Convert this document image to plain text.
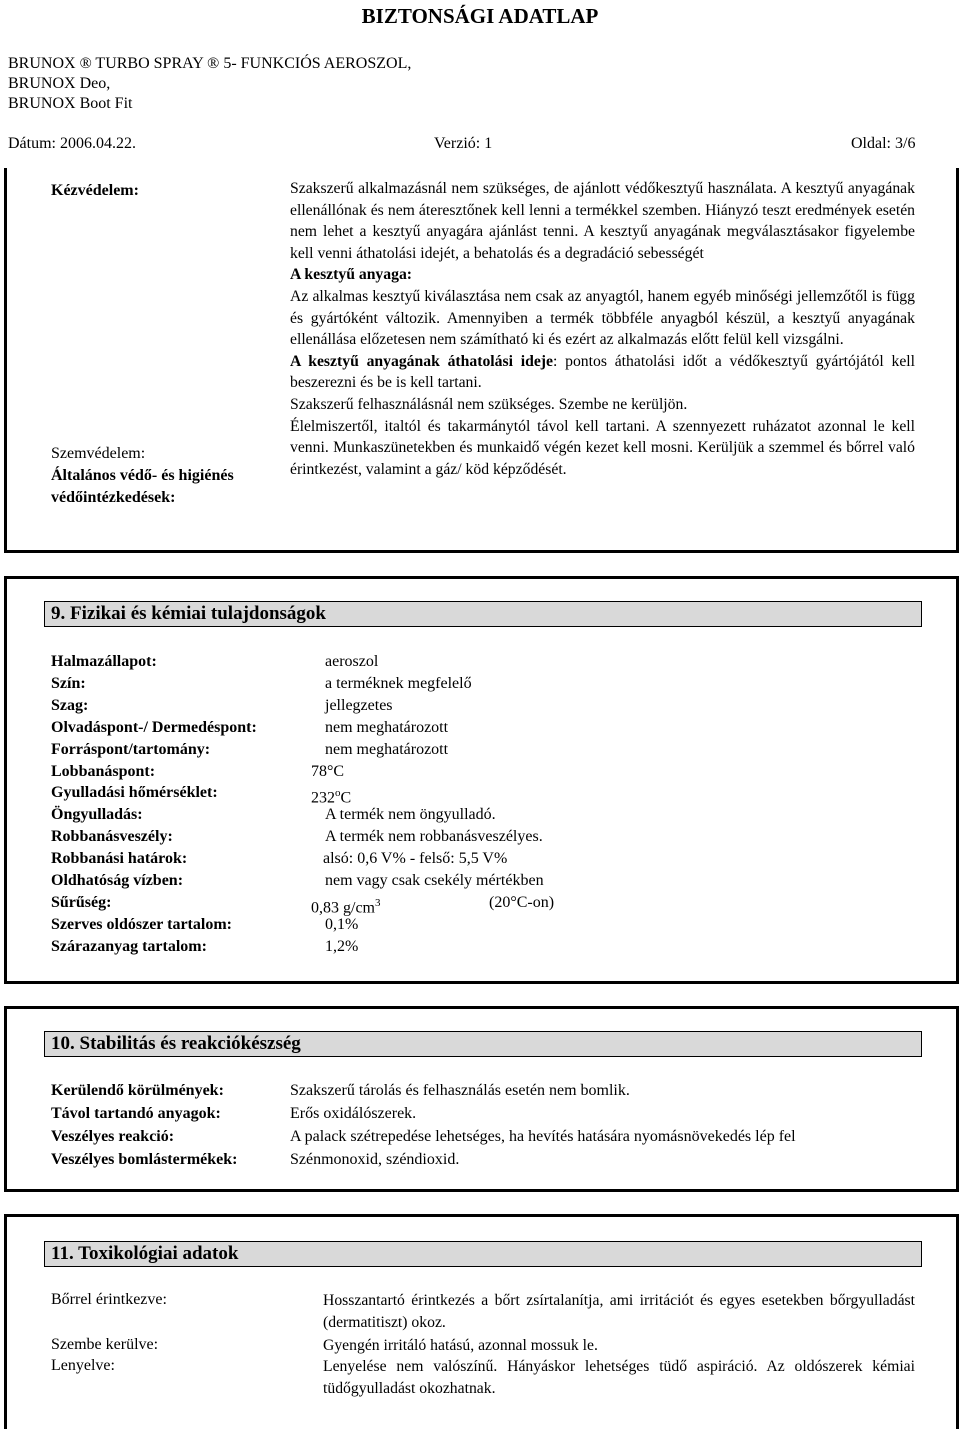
BIZTONSÁGI ADATLAP
BRUNOX ® TURBO SPRAY ® 5- FUNKCIÓS AEROSZOL,
BRUNOX Deo,
BRUNOX Boot Fit
Dátum: 2006.04.22.	Verzió: 1	Oldal: 3/6
Kézvédelem:	Szakszerű alkalmazásnál nem szükséges, de ajánlott védőkesztyű használata. A kesztyű anyagának ellenállónak és nem áteresztőnek kell lenni a termékkel szemben. Hiányzó teszt eredmények esetén nem lehet a kesztyű anyagára ajánlást tenni. A kesztyű anyagának megválasztásakor figyelembe kell venni áthatolási idejét, a behatolás és a degradáció sebességét

A kesztyű anyaga:

Az alkalmas kesztyű kiválasztása nem csak az anyagtól, hanem egyéb minőségi jellemzőtől is függ és gyártóként változik. Amennyiben a termék többféle anyagból készül, a kesztyű anyagának ellenállása előzetesen nem számítható ki és ezért az alkalmazás előtt felül kell vizsgálni.

A kesztyű anyagának áthatolási ideje: pontos áthatolási időt a védőkesztyű gyártójától kell beszerezni és be is kell tartani.

Szakszerű felhasználásnál nem szükséges. Szembe ne kerüljön.

Élelmiszertől, italtól és takarmánytól távol kell tartani. A szennyezett ruházatot azonnal le kell venni. Munkaszünetekben és munkaidő végén kezet kell mosni. Kerüljük a szemmel és bőrrel való érintkezést, valamint a gáz/ köd képződését.

Szemvédelem:
Általános védő- és higiénés
védőintézkedések:
9. Fizikai és kémiai tulajdonságok
Halmazállapot:	aeroszol
Szín:	a terméknek megfelelő
Szag:	jellegzetes
Olvadáspont-/ Dermedéspont:	nem meghatározott
Forráspont/tartomány:	nem meghatározott
Lobbanáspont:	78°C
Gyulladási hőmérséklet:	232$^o$C
Öngyulladás:	A termék nem öngyulladó.
Robbanásveszély:	A termék nem robbanásveszélyes.
Robbanási határok:	alsó: 0,6 V% - felső: 5,5 V%
Oldhatóság vízben:	nem vagy csak csekély mértékben
Sűrűség:	0,83 $g/cm^3$	(20°C-on)
Szerves oldószer tartalom:	0,1%
Szárazanyag tartalom:	1,2%
10. Stabilitás és reakciókészség
Kerülendő körülmények:	Szakszerű tárolás és felhasználás esetén nem bomlik.
Távol tartandó anyagok:	Erős oxidálószerek.
Veszélyes reakció:	A palack szétrepedése lehetséges, ha hevítés hatására nyomásnövekedés lép fel
Veszélyes bomlástermékek:	Szénmonoxid, széndioxid.
11. Toxikológiai adatok
Bőrrel érintkezve:	Hosszantartó érintkezés a bőrt zsírtalanítja, ami irritációt és egyes esetekben bőrgyulladást (dermatitiszt) okoz.
Szembe kerülve:	Gyengén irritáló hatású, azonnal mossuk le.
Lenyelve:	Lenyelése nem valószínű. Hányáskor lehetséges tüdő aspiráció. Az oldószerek kémiai tüdőgyulladást okozhatnak.
